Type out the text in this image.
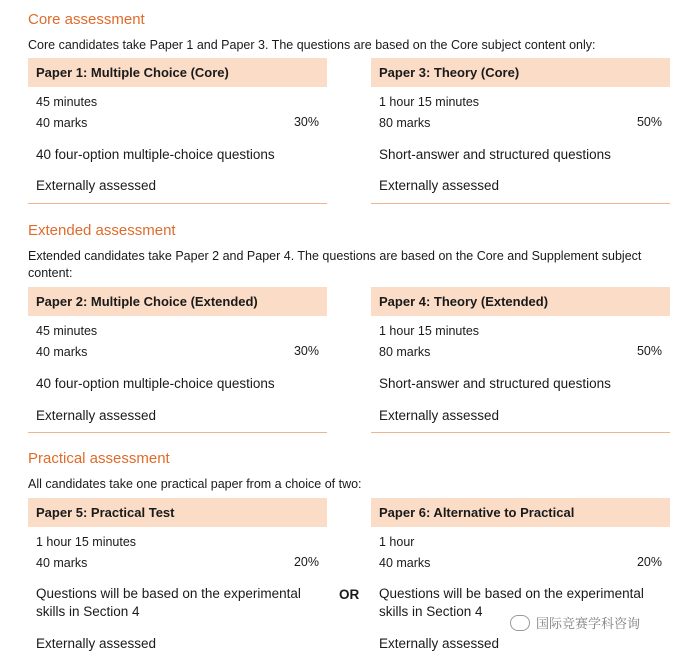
Core assessment
Core candidates take Paper 1 and Paper 3. The questions are based on the Core subject content only:
Paper 1: Multiple Choice (Core)
45 minutes
40 marks	30%
40 four-option multiple-choice questions
Externally assessed
Paper 3: Theory (Core)
1 hour 15 minutes
80 marks	50%
Short-answer and structured questions
Externally assessed
Extended assessment
Extended candidates take Paper 2 and Paper 4. The questions are based on the Core and Supplement subject content:
Paper 2: Multiple Choice (Extended)
45 minutes
40 marks	30%
40 four-option multiple-choice questions
Externally assessed
Paper 4: Theory (Extended)
1 hour 15 minutes
80 marks	50%
Short-answer and structured questions
Externally assessed
Practical assessment
All candidates take one practical paper from a choice of two:
Paper 5: Practical Test
1 hour 15 minutes
40 marks	20%
Questions will be based on the experimental skills in Section 4
Externally assessed
OR
Paper 6: Alternative to Practical
1 hour
40 marks	20%
Questions will be based on the experimental skills in Section 4
Externally assessed
国际竞赛学科咨询
